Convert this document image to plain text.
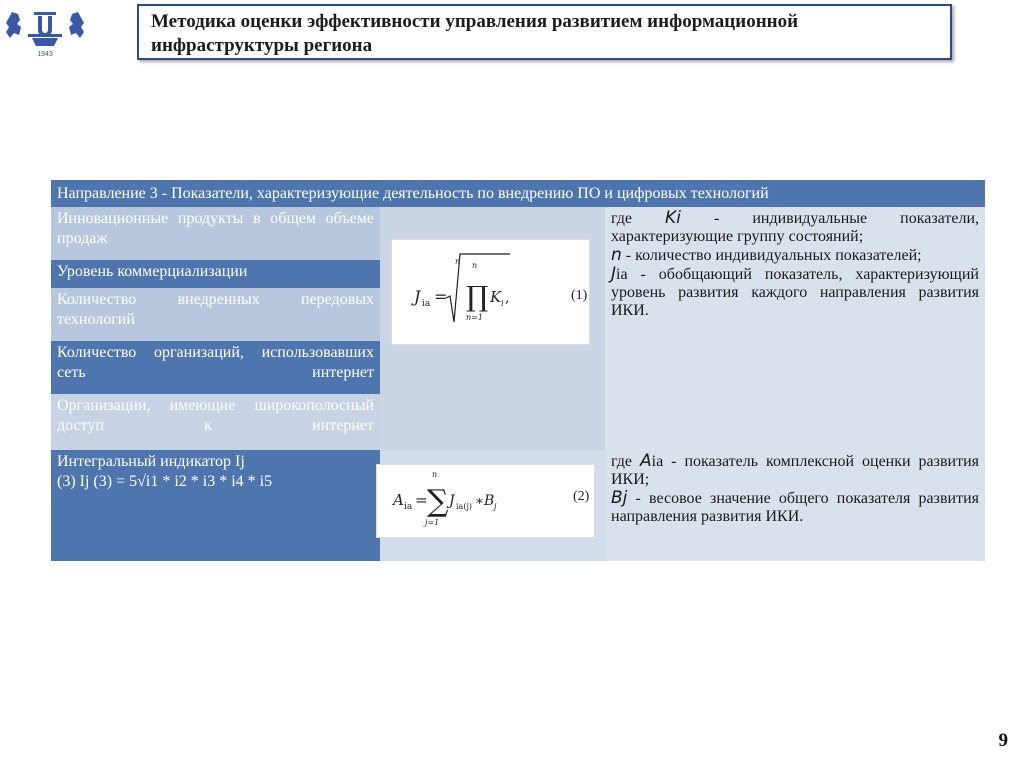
1943

Методика оценки эффективности управления развитием информационной

инфраструктуры региона

Направление 3 - Показатели, характеризующие деятельность по внедрению ПО и цифровых технологий
Инновационные продукты в общем объеме продаж
Уровень коммерциализации
Количество внедренных передовых технологий
Количество организаций, использовавших сеть интернет
Организации, имеющие широкополосный доступ к интернет
Интегральный индикатор Ij
(3) Ij (3) = 5√i1 * i2 * i3 * i4 * i5
где Ki - индивидуальные показатели, характеризующие группу состояний;
n - количество индивидуальных показателей;
Jia - обобщающий показатель, характеризующий уровень развития каждого направления развития ИКИ.
где Aia - показатель комплексной оценки развития ИКИ;
Bj - весовое значение общего показателя развития направления развития ИКИ.
J ia =
n n
∏
n=1
K i ,	(1)
A ia =
n
∑
j=1
J ia(j) ∗ B j
(2)
9
